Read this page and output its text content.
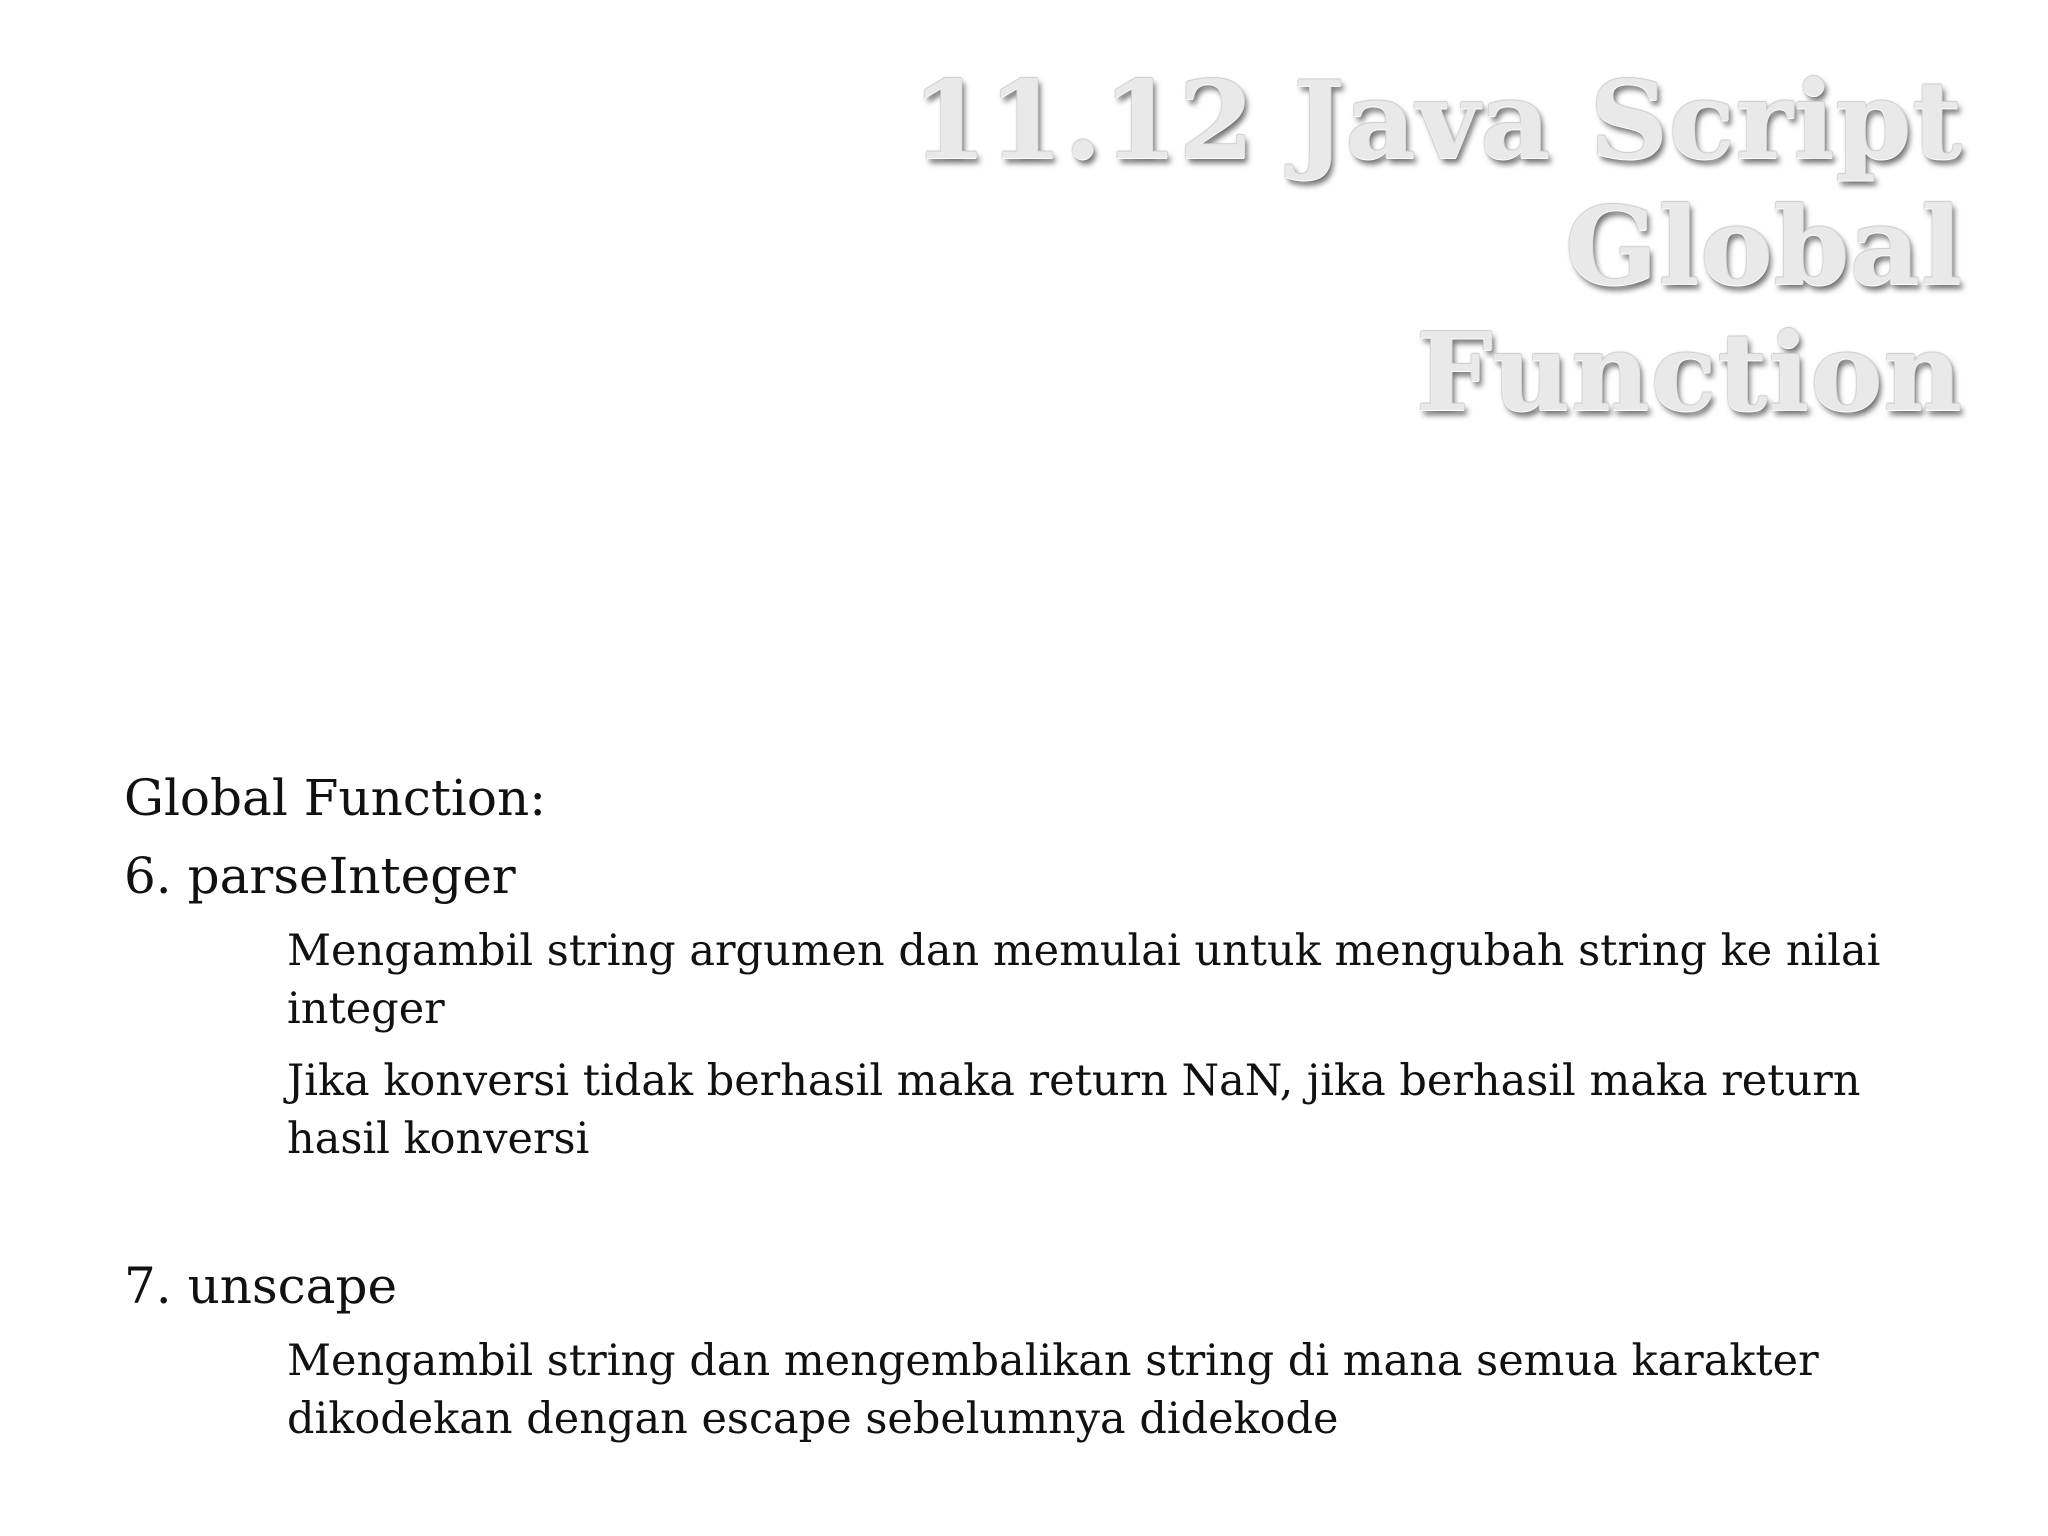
11.12 Java Script Global
Function
Global Function:
6. parseInteger
Mengambil string argumen dan memulai untuk mengubah string ke nilai integer
Jika konversi tidak berhasil maka return NaN, jika berhasil maka return hasil konversi
7. unscape
Mengambil string dan mengembalikan string di mana semua karakter dikodekan dengan escape sebelumnya didekode
